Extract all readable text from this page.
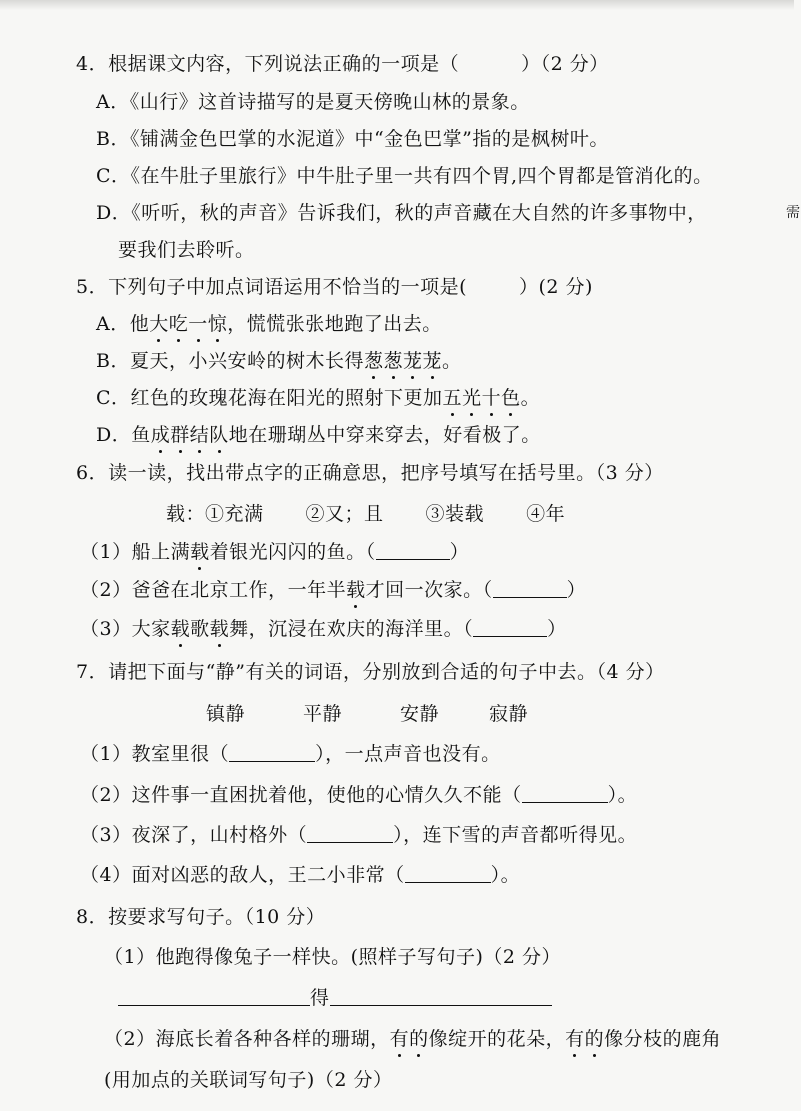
4．根据课文内容，下列说法正确的一项是（	）（2 分）
A．《山行》这首诗描写的是夏天傍晚山林的景象。
B．《铺满金色巴掌的水泥道》中“金色巴掌”指的是枫树叶。
C．《在牛肚子里旅行》中牛肚子里一共有四个胃,四个胃都是管消化的。
D．《听听，秋的声音》告诉我们，秋的声音藏在大自然的许多事物中，	需
要我们去聆听。
5．下列句子中加点词语运用不恰当的一项是(	）(2 分)
A．他大吃一惊，慌慌张张地跑了出去。
B．夏天，小兴安岭的树木长得葱葱茏茏。
C．红色的玫瑰花海在阳光的照射下更加五光十色。
D．鱼成群结队地在珊瑚丛中穿来穿去，好看极了。
6．读一读，找出带点字的正确意思，把序号填写在括号里。（3 分）
载：①充满 ②又；且 ③装载 ④年
（1）船上满载着银光闪闪的鱼。（	）
（2）爸爸在北京工作，一年半载才回一次家。（	）
（3）大家载歌载舞，沉浸在欢庆的海洋里。（	）
7．请把下面与“静”有关的词语，分别放到合适的句子中去。（4 分）
镇静	平静	安静	寂静
（1）教室里很（	），一点声音也没有。
（2）这件事一直困扰着他，使他的心情久久不能（	）。
（3）夜深了，山村格外（	），连下雪的声音都听得见。
（4）面对凶恶的敌人，王二小非常（	）。
8．按要求写句子。（10 分）
（1）他跑得像兔子一样快。(照样子写句子)（2 分）
得
（2）海底长着各种各样的珊瑚，有的像绽开的花朵，有的像分枝的鹿角
(用加点的关联词写句子)（2 分）
